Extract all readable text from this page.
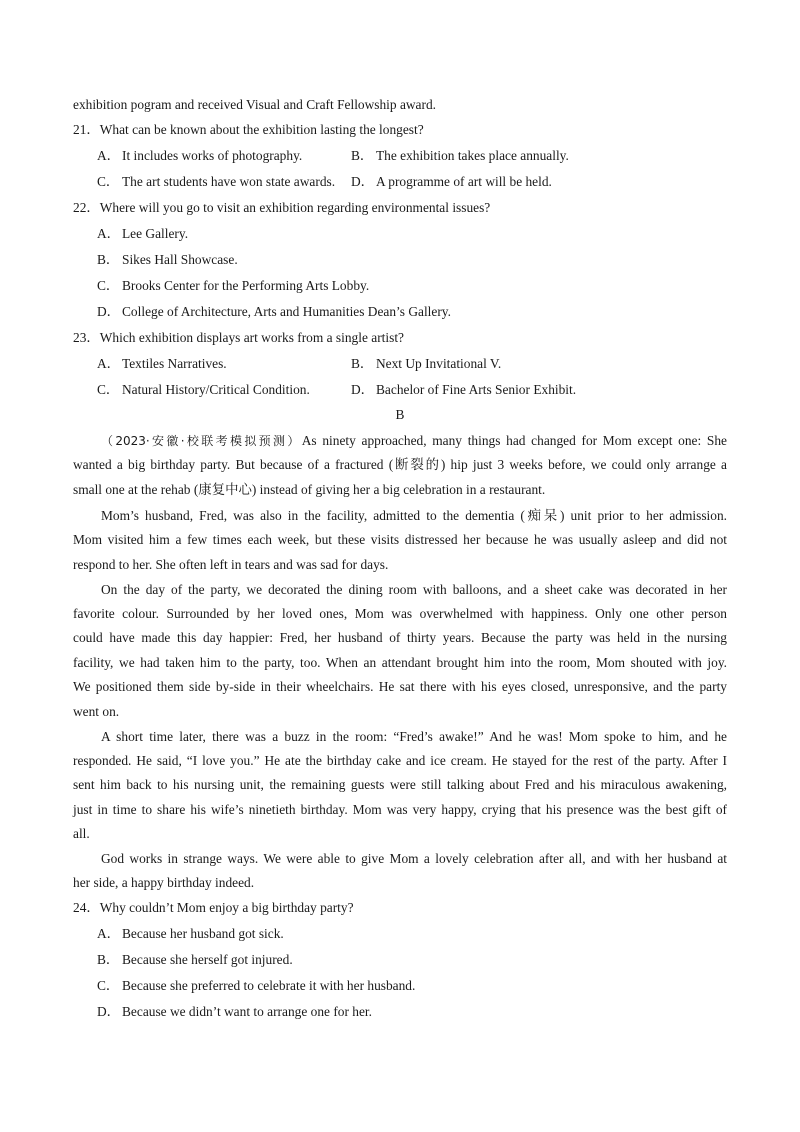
exhibition pogram and received Visual and Craft Fellowship award.
21．What can be known about the exhibition lasting the longest?
A． It includes works of photography.	B． The exhibition takes place annually.
C． The art students have won state awards.	D． A programme of art will be held.
22．Where will you go to visit an exhibition regarding environmental issues?
A． Lee Gallery.
B． Sikes Hall Showcase.
C． Brooks Center for the Performing Arts Lobby.
D． College of Architecture, Arts and Humanities Dean’s Gallery.
23．Which exhibition displays art works from a single artist?
A． Textiles Narratives.	B． Next Up Invitational V.
C． Natural History/Critical Condition.	D． Bachelor of Fine Arts Senior Exhibit.
B
（2023·安徽·校联考模拟预测）As ninety approached, many things had changed for Mom except one: She
wanted a big birthday party. But because of a fractured (断裂的) hip just 3 weeks before, we could only arrange a
small one at the rehab (康复中心) instead of giving her a big celebration in a restaurant.
Mom’s husband, Fred, was also in the facility, admitted to the dementia (痴呆) unit prior to her admission.
Mom visited him a few times each week, but these visits distressed her because he was usually asleep and did not
respond to her. She often left in tears and was sad for days.
On the day of the party, we decorated the dining room with balloons, and a sheet cake was decorated in her
favorite colour. Surrounded by her loved ones, Mom was overwhelmed with happiness. Only one other person
could have made this day happier: Fred, her husband of thirty years. Because the party was held in the nursing
facility, we had taken him to the party, too. When an attendant brought him into the room, Mom shouted with joy.
We positioned them side by-side in their wheelchairs. He sat there with his eyes closed, unresponsive, and the party
went on.
A short time later, there was a buzz in the room: “Fred’s awake!” And he was! Mom spoke to him, and he
responded. He said, “I love you.” He ate the birthday cake and ice cream. He stayed for the rest of the party. After I
sent him back to his nursing unit, the remaining guests were still talking about Fred and his miraculous awakening,
just in time to share his wife’s ninetieth birthday. Mom was very happy, crying that his presence was the best gift of
all.
God works in strange ways. We were able to give Mom a lovely celebration after all, and with her husband at
her side, a happy birthday indeed.
24．Why couldn’t Mom enjoy a big birthday party?
A． Because her husband got sick.
B． Because she herself got injured.
C． Because she preferred to celebrate it with her husband.
D． Because we didn’t want to arrange one for her.
